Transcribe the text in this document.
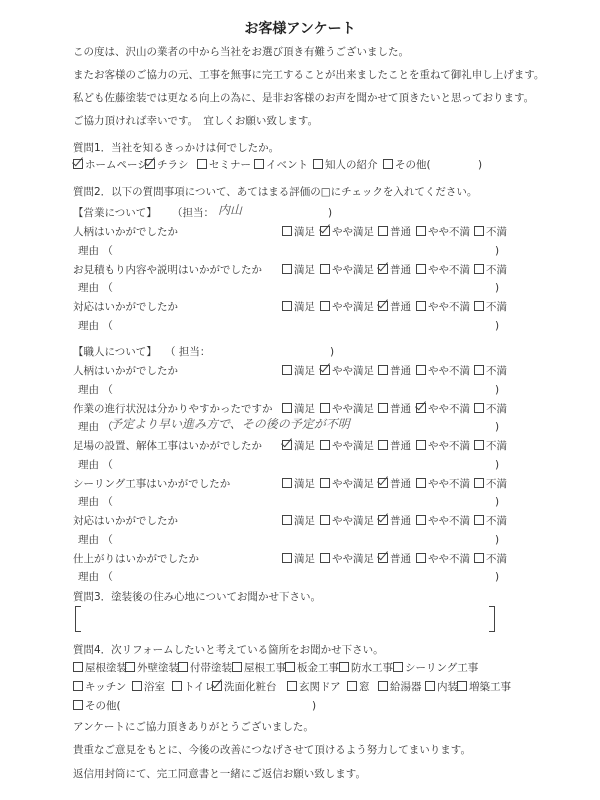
お客様アンケート
この度は、沢山の業者の中から当社をお選び頂き有難うございました。
またお客様のご協力の元、工事を無事に完工することが出来ましたことを重ねて御礼申し上げます。
私ども佐藤塗装では更なる向上の為に、是非お客様のお声を聞かせて頂きたいと思っております。
ご協力頂ければ幸いです。　宜しくお願い致します。
質問1．当社を知るきっかけは何でしたか。
ホームページ チラシ	セミナー	イベント	知人の紹介	その他(	)
質問2．以下の質問事項について、あてはまる評価の□にチェックを入れてください。
【営業について】 （担当： 内山	)
人柄はいかがでしたか	満足	やや満足	普通	やや不満	不満
理由 （	)
お見積もり内容や説明はいかがでしたか	満足	やや満足	普通	やや不満	不満
理由 （	)
対応はいかがでしたか	満足	やや満足	普通	やや不満	不満
理由 （	)
【職人について】 （ 担当：	)
人柄はいかがでしたか	満足	やや満足	普通	やや不満	不満
理由 （	)
作業の進行状況は分かりやすかったですか	満足	やや満足	普通	やや不満	不満
理由 （
予定より早い進み方で、その後の予定が不明	)
足場の設置、解体工事はいかがでしたか	満足	やや満足	普通	やや不満	不満
理由 （	)
シーリング工事はいかがでしたか	満足	やや満足	普通	やや不満	不満
理由 （	)
対応はいかがでしたか	満足	やや満足	普通	やや不満	不満
理由 （	)
仕上がりはいかがでしたか	満足	やや満足	普通	やや不満	不満
理由 （	)
質問3．塗装後の住み心地についてお聞かせ下さい。
質問4．次リフォームしたいと考えている箇所をお聞かせ下さい。
屋根塗装 外壁塗装	付帯塗装	屋根工事	板金工事	防水工事	シーリング工事
キッチン	浴室	トイレ 洗面化粧台	玄関ドア	窓	給湯器	内装	増築工事
その他(	)
アンケートにご協力頂きありがとうございました。
貴重なご意見をもとに、今後の改善につなげさせて頂けるよう努力してまいります。
返信用封筒にて、完工同意書と一緒にご返信お願い致します。
